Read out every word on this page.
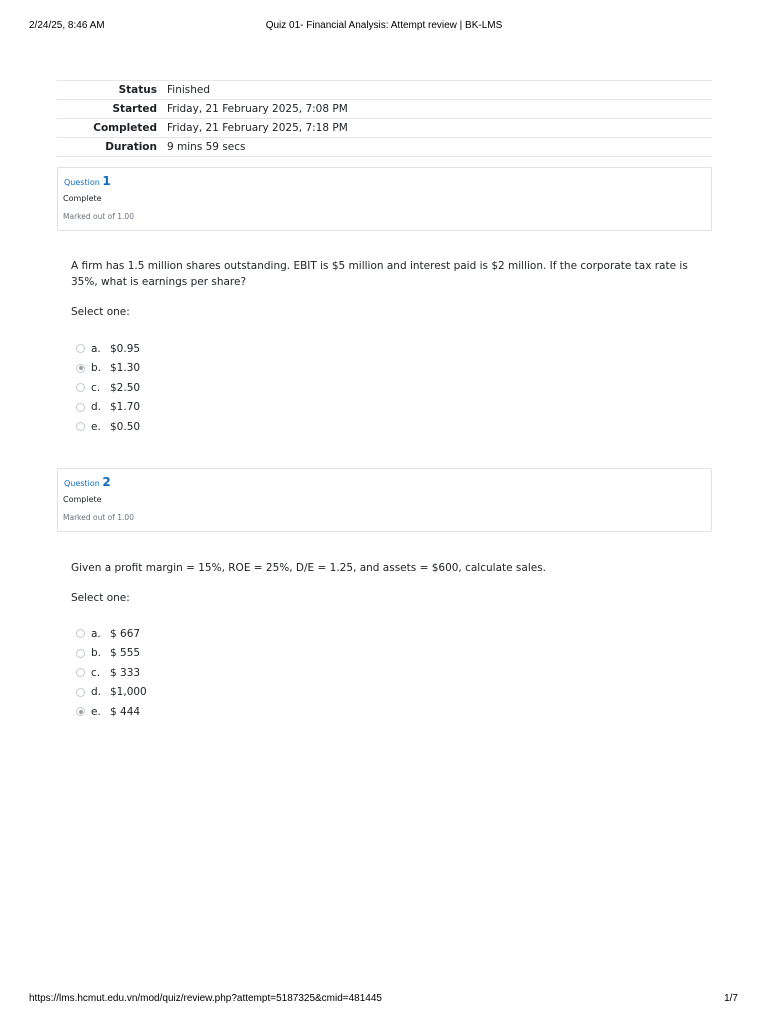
2/24/25, 8:46 AM	Quiz 01- Financial Analysis: Attempt review | BK-LMS
Status	Finished
Started	Friday, 21 February 2025, 7:08 PM
Completed	Friday, 21 February 2025, 7:18 PM
Duration	9 mins 59 secs
Question 1
Complete
Marked out of 1.00
A firm has 1.5 million shares outstanding. EBIT is $5 million and interest paid is $2 million. If the corporate tax rate is 35%, what is earnings per share?
Select one:
a. $0.95
b. $1.30
c. $2.50
d. $1.70
e. $0.50
Question 2
Complete
Marked out of 1.00
Given a profit margin = 15%, ROE = 25%, D/E = 1.25, and assets = $600, calculate sales.
Select one:
a. $ 667
b. $ 555
c. $ 333
d. $1,000
e. $ 444
https://lms.hcmut.edu.vn/mod/quiz/review.php?attempt=5187325&cmid=481445	1/7
